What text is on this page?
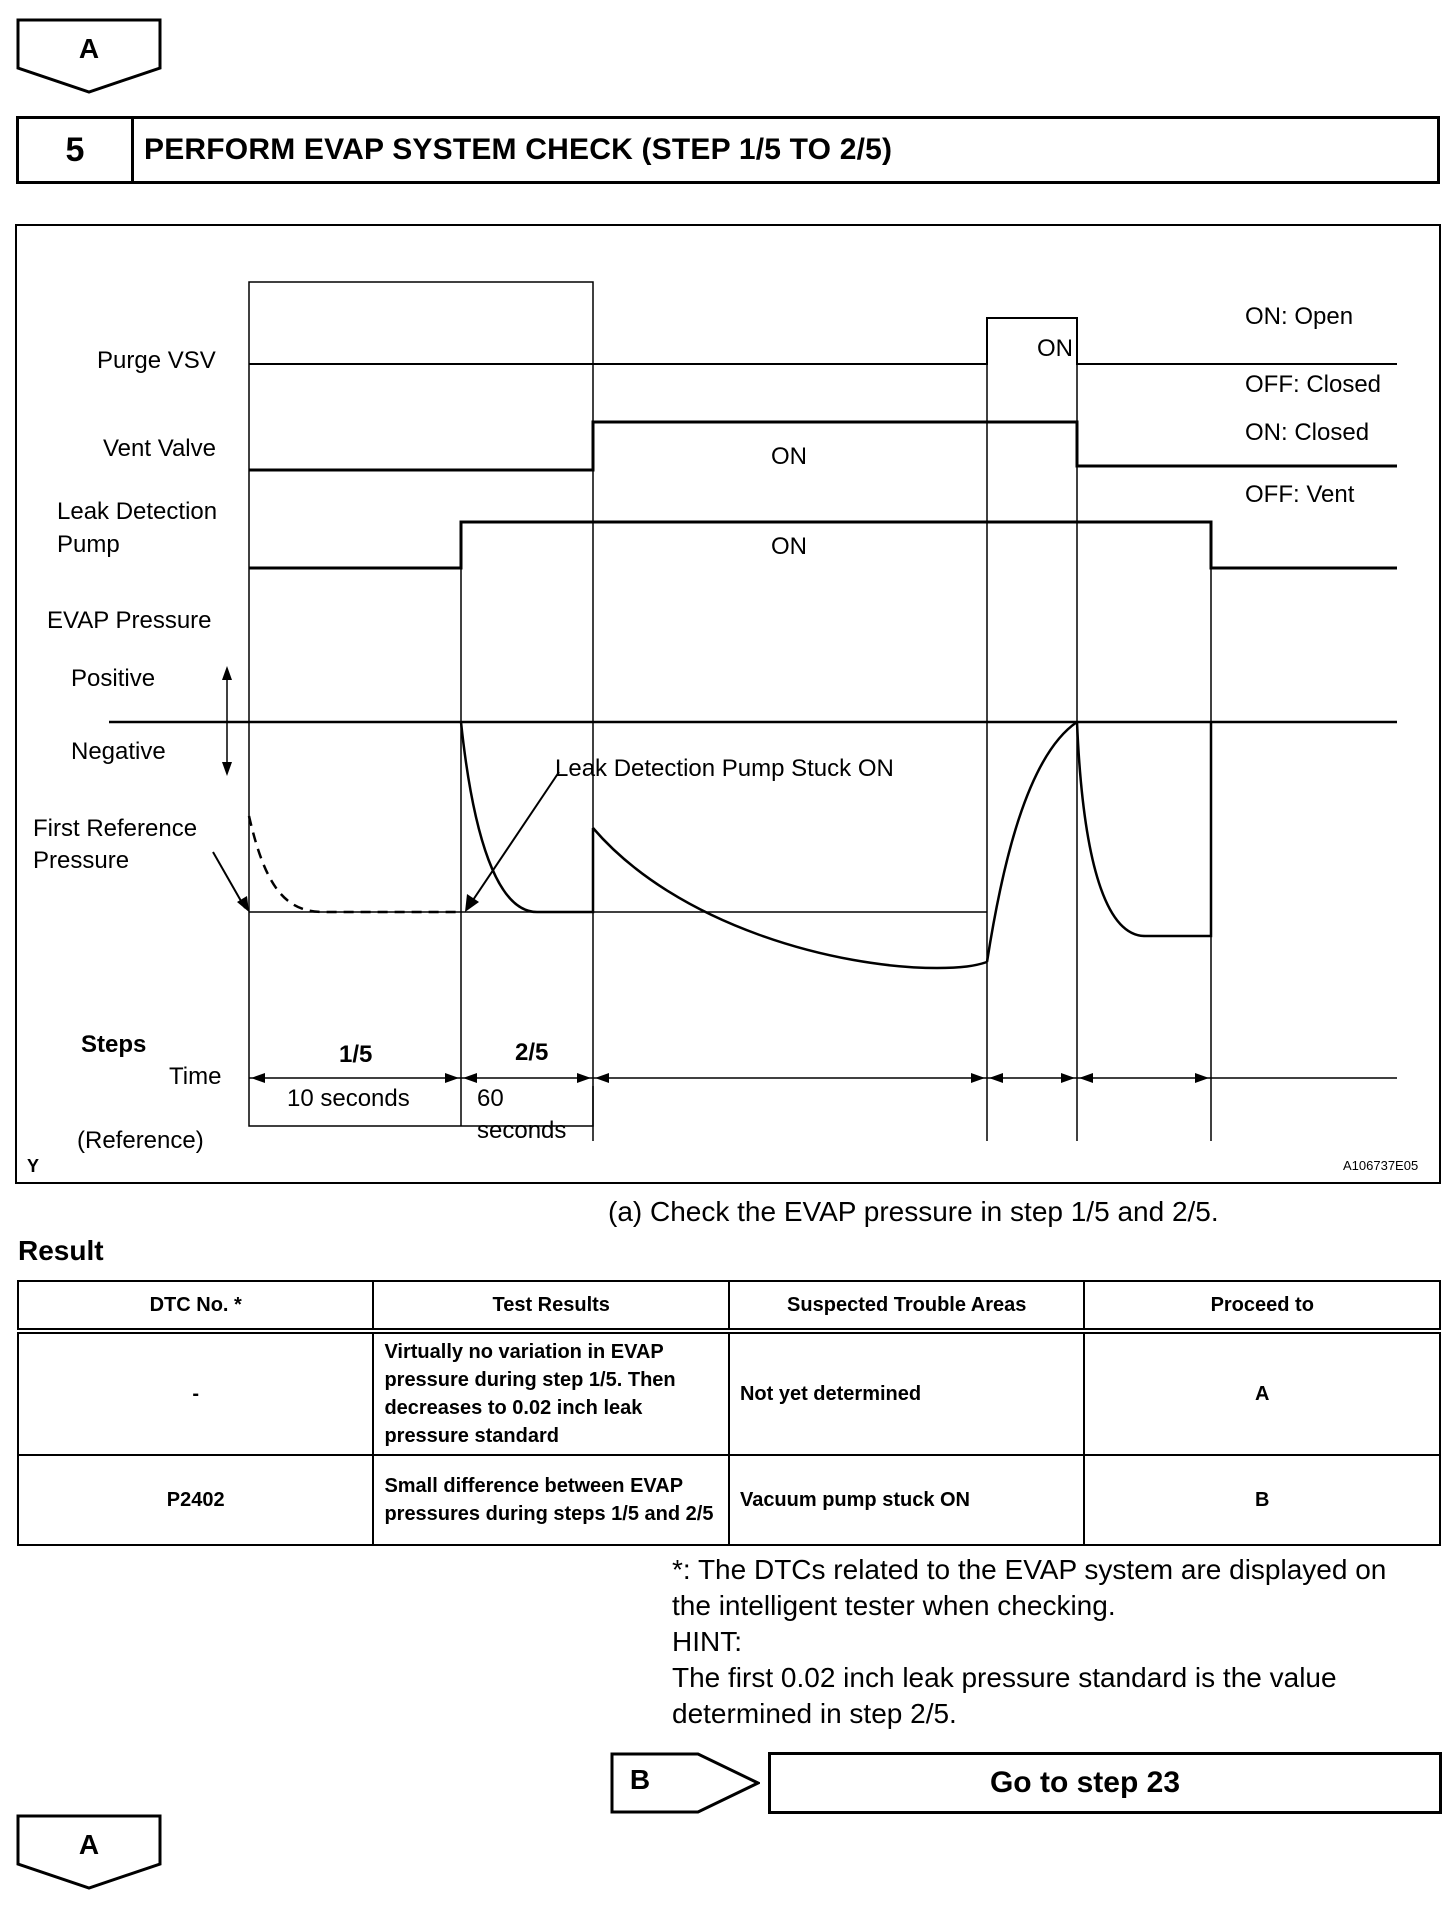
A
5	PERFORM EVAP SYSTEM CHECK (STEP 1/5 TO 2/5)
Purge VSV
Vent Valve
Leak Detection
Pump
EVAP Pressure
Positive
Negative
First Reference
Pressure
ON: Open
OFF: Closed
ON: Closed
OFF: Vent
ON
ON
ON
Leak Detection Pump Stuck ON
Steps
Time
(Reference)
1/5	2/5
10 seconds	60
seconds
Y	A106737E05
(a) Check the EVAP pressure in step 1/5 and 2/5.
Result
DTC No. *	Test Results	Suspected Trouble Areas	Proceed to
-	Virtually no variation in EVAP pressure during step 1/5. Then decreases to 0.02 inch leak pressure standard	Not yet determined	A
P2402	Small difference between EVAP pressures during steps 1/5 and 2/5	Vacuum pump stuck ON	B
*: The DTCs related to the EVAP system are displayed on the intelligent tester when checking.
HINT:
The first 0.02 inch leak pressure standard is the value determined in step 2/5.
B	Go to step 23
A
